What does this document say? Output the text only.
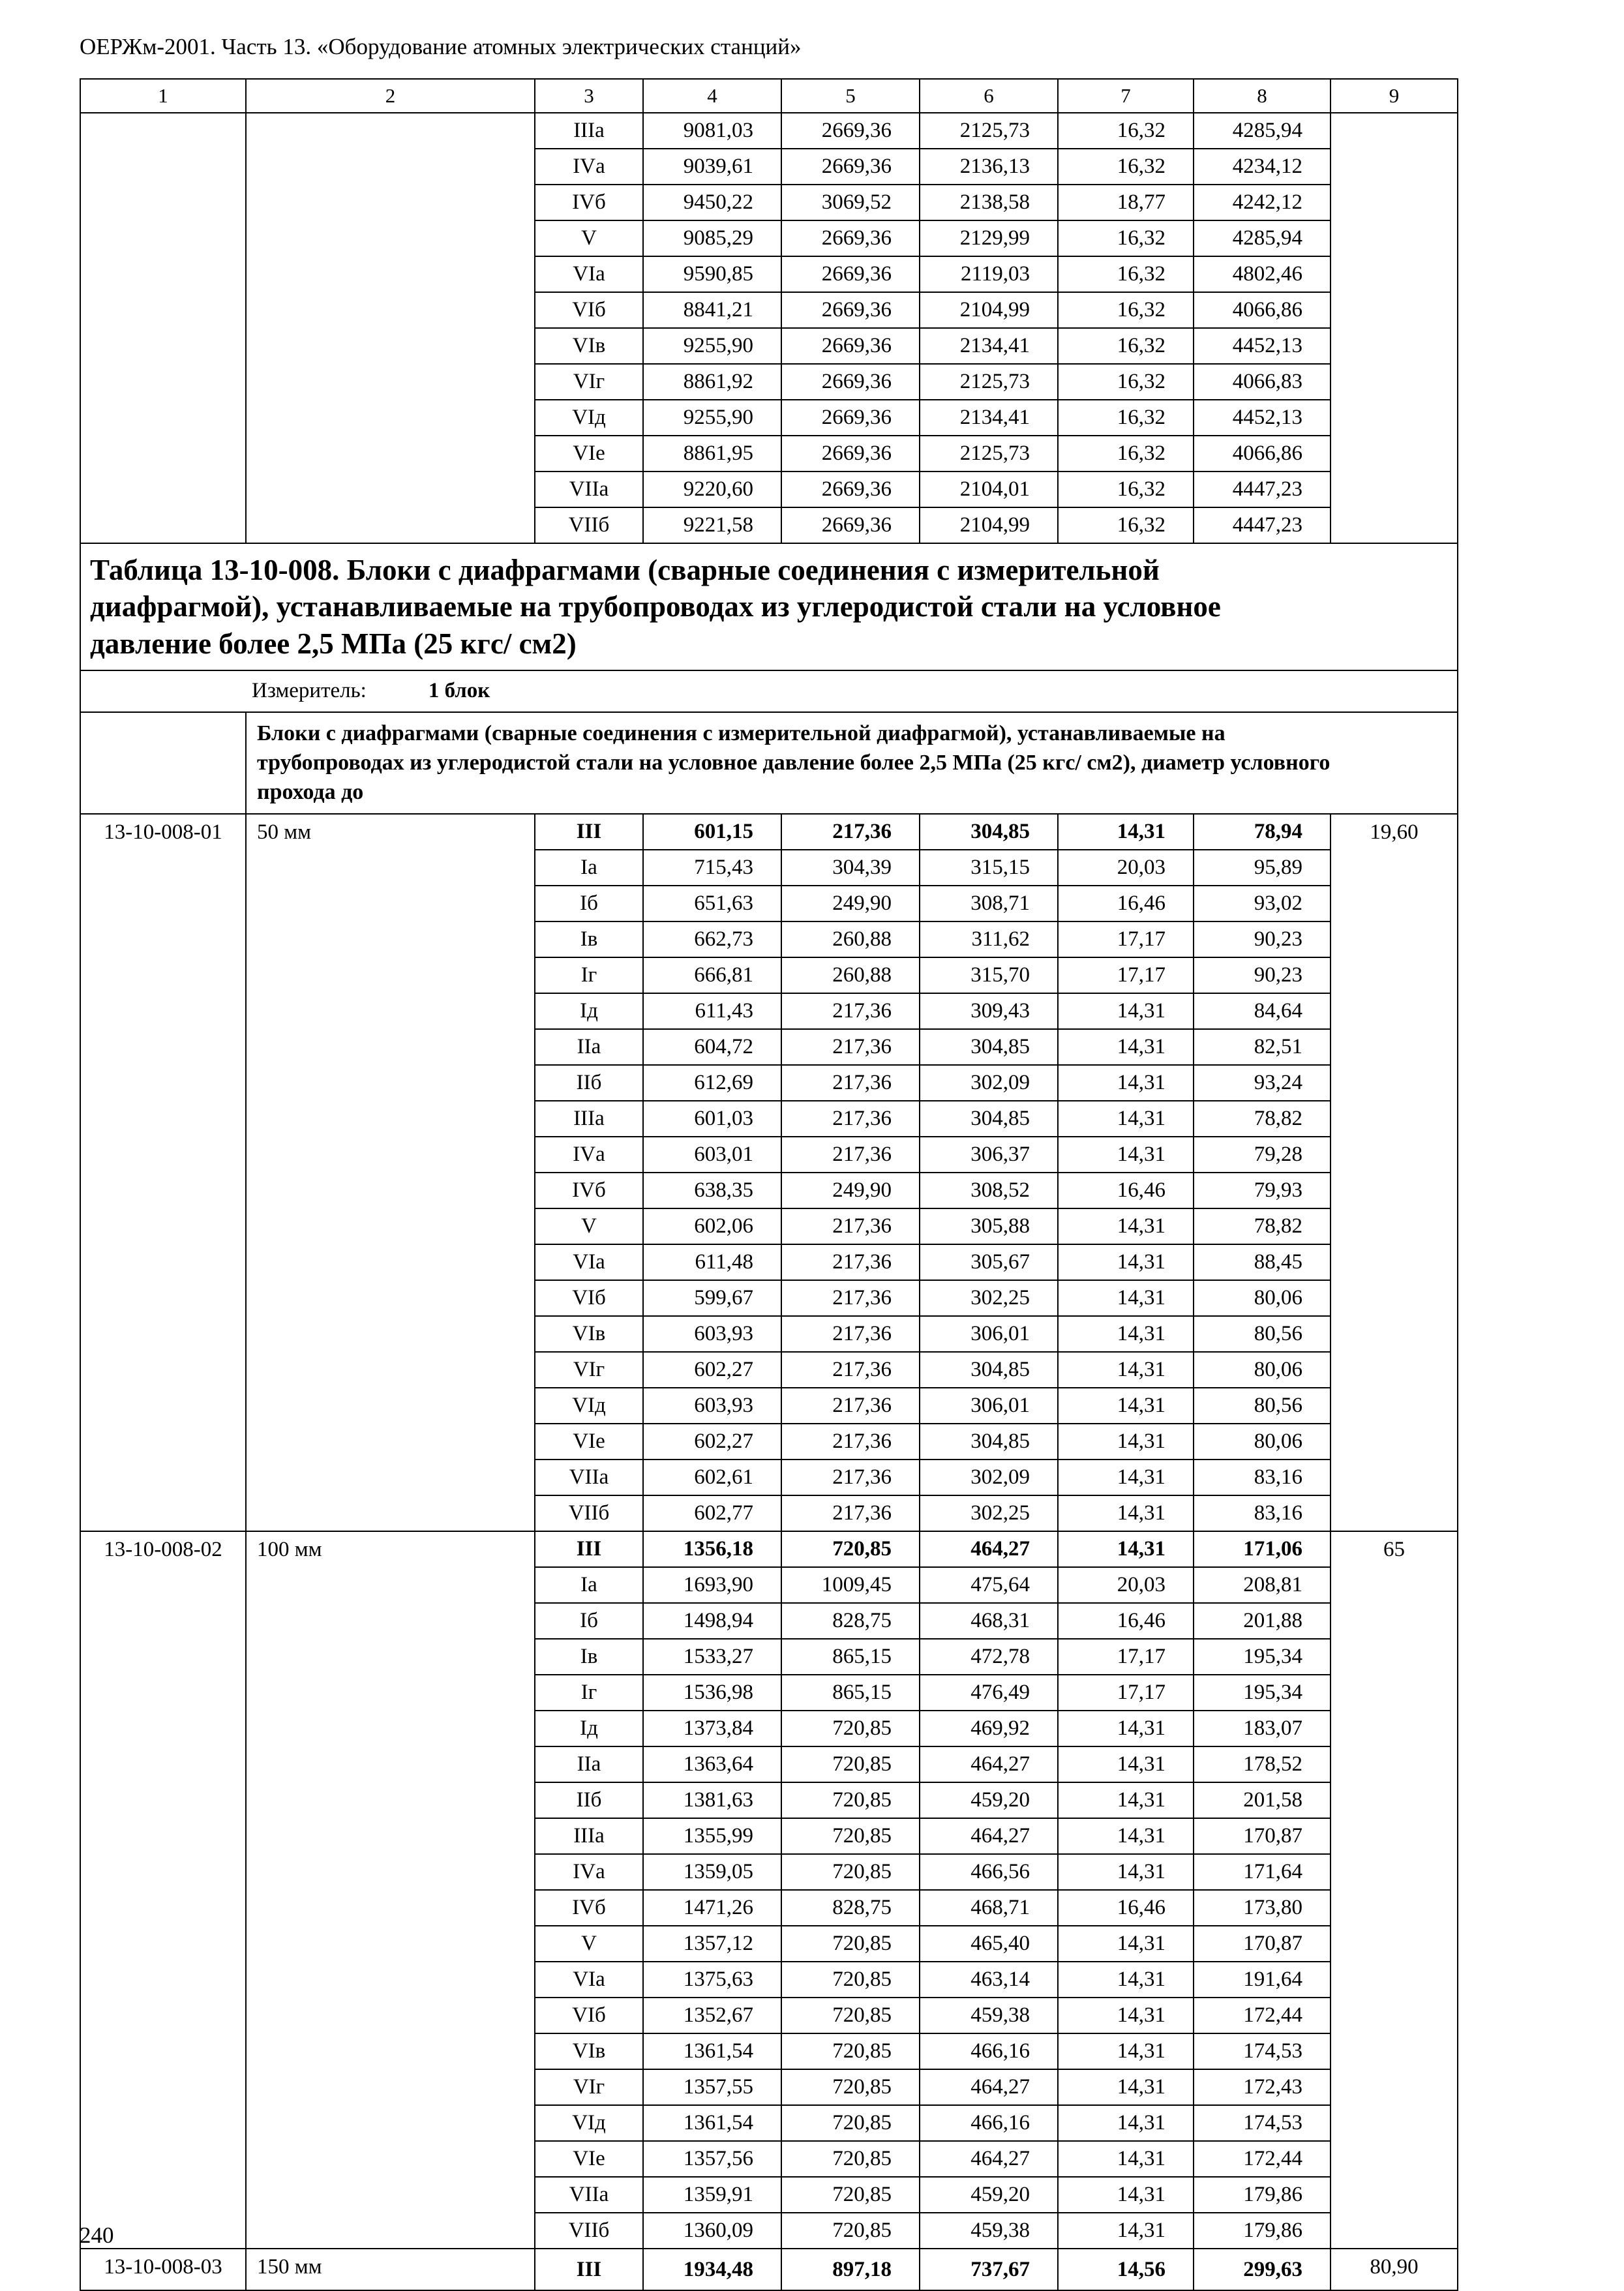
ОЕРЖм-2001. Часть 13. «Оборудование атомных электрических станций»
1	2	3	4	5	6	7	8	9
		IIIа	9081,03	2669,36	2125,73	16,32	4285,94	
		IVа	9039,61	2669,36	2136,13	16,32	4234,12	
		IVб	9450,22	3069,52	2138,58	18,77	4242,12	
		V	9085,29	2669,36	2129,99	16,32	4285,94	
		VIа	9590,85	2669,36	2119,03	16,32	4802,46	
		VIб	8841,21	2669,36	2104,99	16,32	4066,86	
		VIв	9255,90	2669,36	2134,41	16,32	4452,13	
		VIг	8861,92	2669,36	2125,73	16,32	4066,83	
		VIд	9255,90	2669,36	2134,41	16,32	4452,13	
		VIе	8861,95	2669,36	2125,73	16,32	4066,86	
		VIIа	9220,60	2669,36	2104,01	16,32	4447,23	
		VIIб	9221,58	2669,36	2104,99	16,32	4447,23	
Таблица 13-10-008. Блоки с диафрагмами (сварные соединения с измерительной диафрагмой), устанавливаемые на трубопроводах из углеродистой стали на условное давление более 2,5 МПа (25 кгс/ см2)								
Измеритель: 1 блок								
	Блоки с диафрагмами (сварные соединения с измерительной диафрагмой), устанавливаемые на трубопроводах из углеродистой стали на условное давление более 2,5 МПа (25 кгс/ см2), диаметр условного прохода до							
13-10-008-01	50 мм	III	601,15	217,36	304,85	14,31	78,94	19,60
		Iа	715,43	304,39	315,15	20,03	95,89	
		Iб	651,63	249,90	308,71	16,46	93,02	
		Iв	662,73	260,88	311,62	17,17	90,23	
		Iг	666,81	260,88	315,70	17,17	90,23	
		Iд	611,43	217,36	309,43	14,31	84,64	
		IIа	604,72	217,36	304,85	14,31	82,51	
		IIб	612,69	217,36	302,09	14,31	93,24	
		IIIа	601,03	217,36	304,85	14,31	78,82	
		IVа	603,01	217,36	306,37	14,31	79,28	
		IVб	638,35	249,90	308,52	16,46	79,93	
		V	602,06	217,36	305,88	14,31	78,82	
		VIа	611,48	217,36	305,67	14,31	88,45	
		VIб	599,67	217,36	302,25	14,31	80,06	
		VIв	603,93	217,36	306,01	14,31	80,56	
		VIг	602,27	217,36	304,85	14,31	80,06	
		VIд	603,93	217,36	306,01	14,31	80,56	
		VIе	602,27	217,36	304,85	14,31	80,06	
		VIIа	602,61	217,36	302,09	14,31	83,16	
		VIIб	602,77	217,36	302,25	14,31	83,16	
13-10-008-02	100 мм	III	1356,18	720,85	464,27	14,31	171,06	65
		Iа	1693,90	1009,45	475,64	20,03	208,81	
		Iб	1498,94	828,75	468,31	16,46	201,88	
		Iв	1533,27	865,15	472,78	17,17	195,34	
		Iг	1536,98	865,15	476,49	17,17	195,34	
		Iд	1373,84	720,85	469,92	14,31	183,07	
		IIа	1363,64	720,85	464,27	14,31	178,52	
		IIб	1381,63	720,85	459,20	14,31	201,58	
		IIIа	1355,99	720,85	464,27	14,31	170,87	
		IVа	1359,05	720,85	466,56	14,31	171,64	
		IVб	1471,26	828,75	468,71	16,46	173,80	
		V	1357,12	720,85	465,40	14,31	170,87	
		VIа	1375,63	720,85	463,14	14,31	191,64	
		VIб	1352,67	720,85	459,38	14,31	172,44	
		VIв	1361,54	720,85	466,16	14,31	174,53	
		VIг	1357,55	720,85	464,27	14,31	172,43	
		VIд	1361,54	720,85	466,16	14,31	174,53	
		VIе	1357,56	720,85	464,27	14,31	172,44	
		VIIа	1359,91	720,85	459,20	14,31	179,86	
		VIIб	1360,09	720,85	459,38	14,31	179,86	
13-10-008-03	150 мм	III	1934,48	897,18	737,67	14,56	299,63	80,90
240
